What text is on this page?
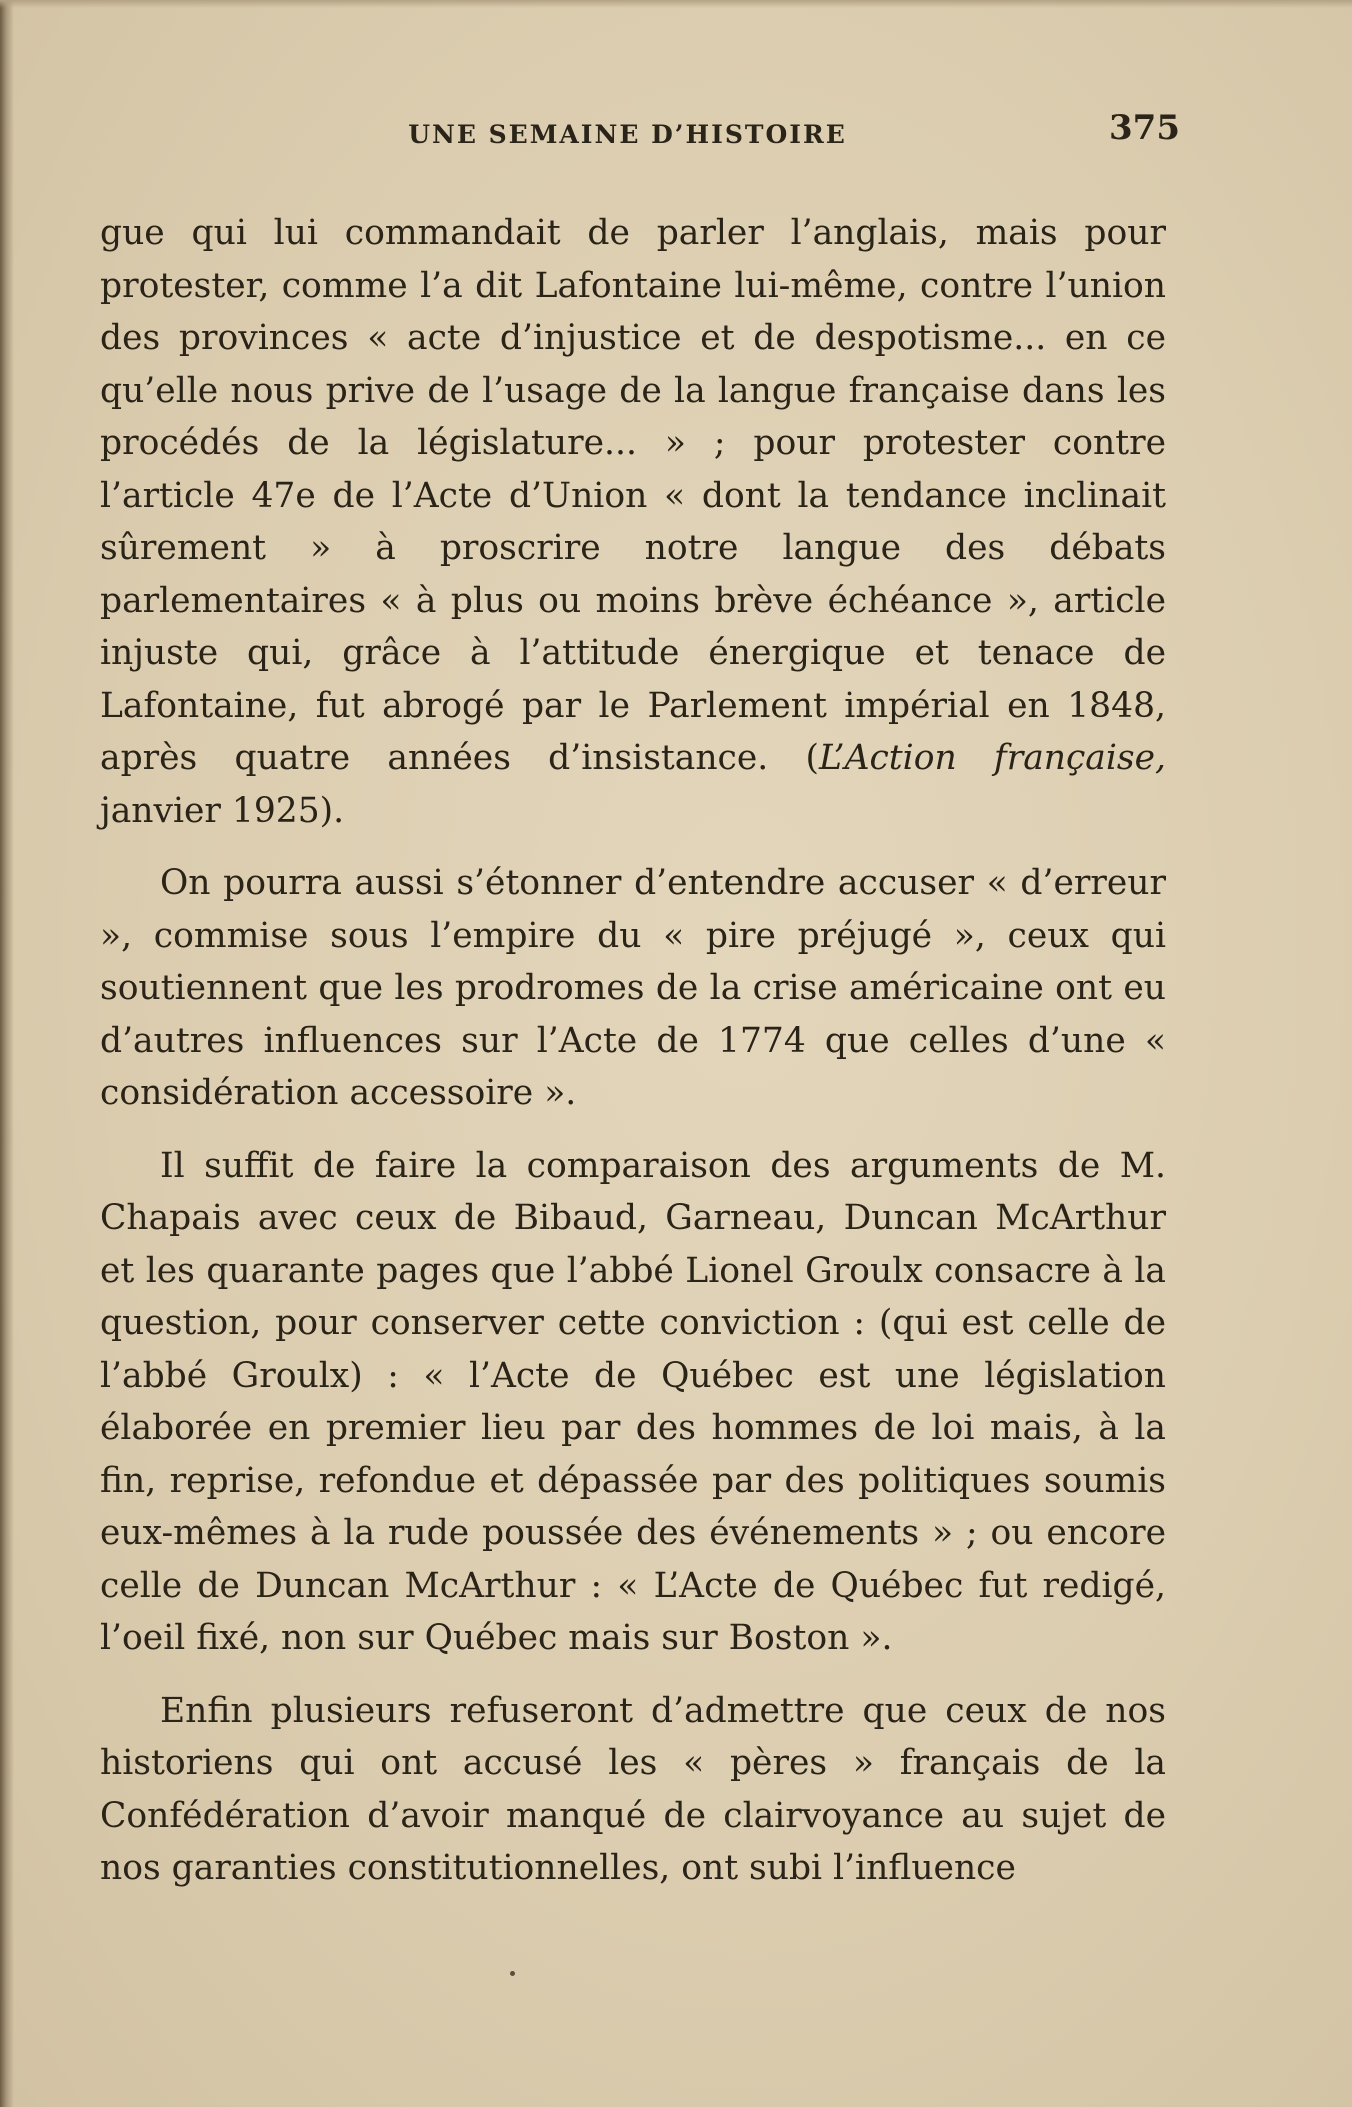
UNE SEMAINE D’HISTOIRE	375

gue qui lui commandait de parler l’anglais, mais pour protester, comme l’a dit Lafontaine lui-même, contre l’union des provinces « acte d’injustice et de despotisme... en ce qu’elle nous prive de l’usage de la langue française dans les procédés de la législature... » ; pour protester contre l’article 47e de l’Acte d’Union « dont la tendance inclinait sûrement » à proscrire notre langue des débats parlementaires « à plus ou moins brève échéance », article injuste qui, grâce à l’attitude énergique et tenace de Lafontaine, fut abrogé par le Parlement impérial en 1848, après quatre années d’insistance. (L’Action française, janvier 1925).

On pourra aussi s’étonner d’entendre accuser « d’erreur », commise sous l’empire du « pire préjugé », ceux qui soutiennent que les prodromes de la crise américaine ont eu d’autres influences sur l’Acte de 1774 que celles d’une « considération accessoire ».

Il suffit de faire la comparaison des arguments de M. Chapais avec ceux de Bibaud, Garneau, Duncan McArthur et les quarante pages que l’abbé Lionel Groulx consacre à la question, pour conserver cette conviction : (qui est celle de l’abbé Groulx) : « l’Acte de Québec est une législation élaborée en premier lieu par des hommes de loi mais, à la fin, reprise, refondue et dépassée par des politiques soumis eux-mêmes à la rude poussée des événements » ; ou encore celle de Duncan McArthur : « L’Acte de Québec fut redigé, l’oeil fixé, non sur Québec mais sur Boston ».

Enfin plusieurs refuseront d’admettre que ceux de nos historiens qui ont accusé les « pères » français de la Confédération d’avoir manqué de clairvoyance au sujet de nos garanties constitutionnelles, ont subi l’influence
